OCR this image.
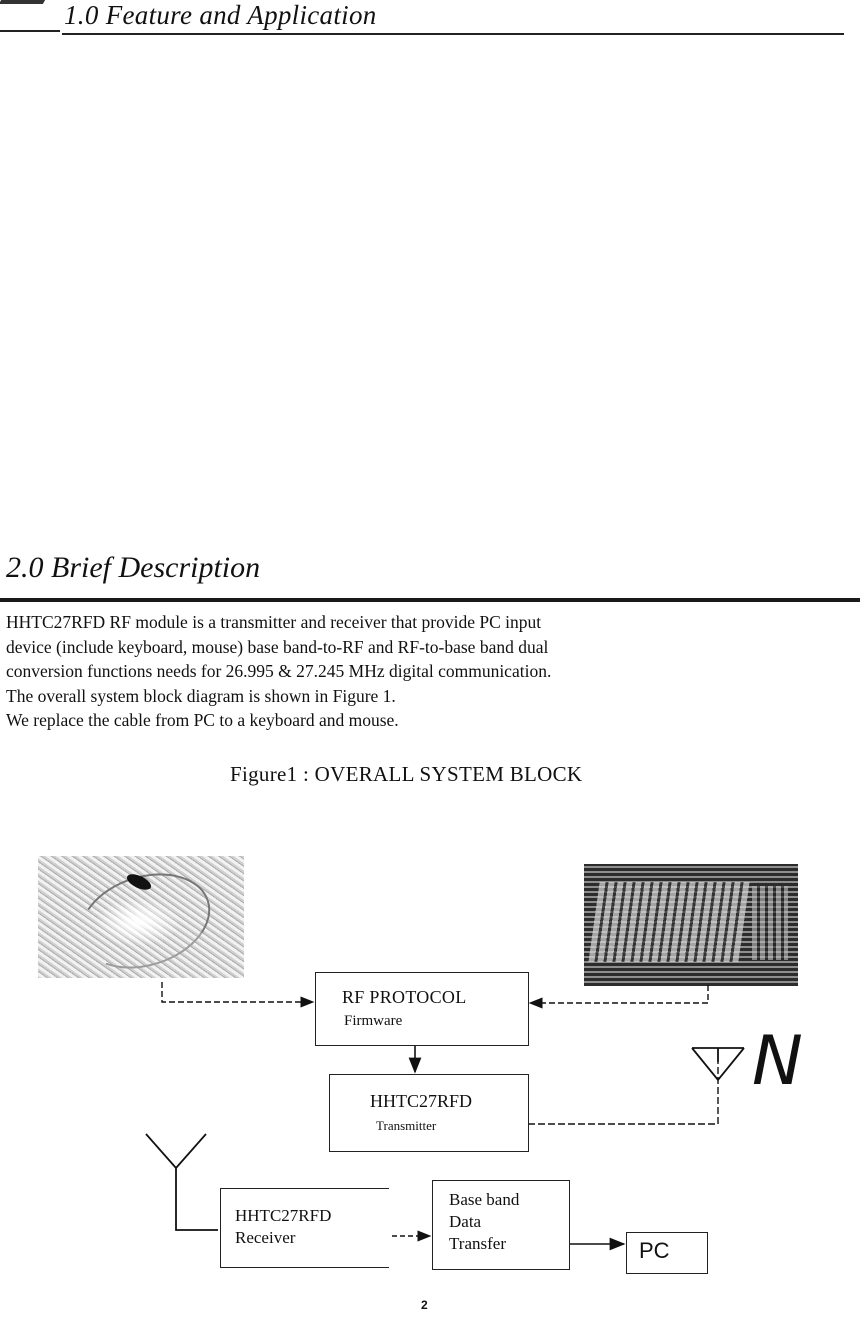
1.0 Feature and Application
2.0 Brief Description

HHTC27RFD RF module is a transmitter and receiver that provide PC input

device (include keyboard, mouse) base band-to-RF and RF-to-base band dual

conversion functions needs for 26.995 & 27.245 MHz digital communication.

The overall system block diagram is shown in Figure 1.

We replace the cable from PC to a keyboard and mouse.

Figure1 : OVERALL SYSTEM BLOCK
RF PROTOCOL
Firmware
HHTC27RFD
Transmitter
HHTC27RFD
Receiver
Base band
Data
Transfer	PC
N
2
